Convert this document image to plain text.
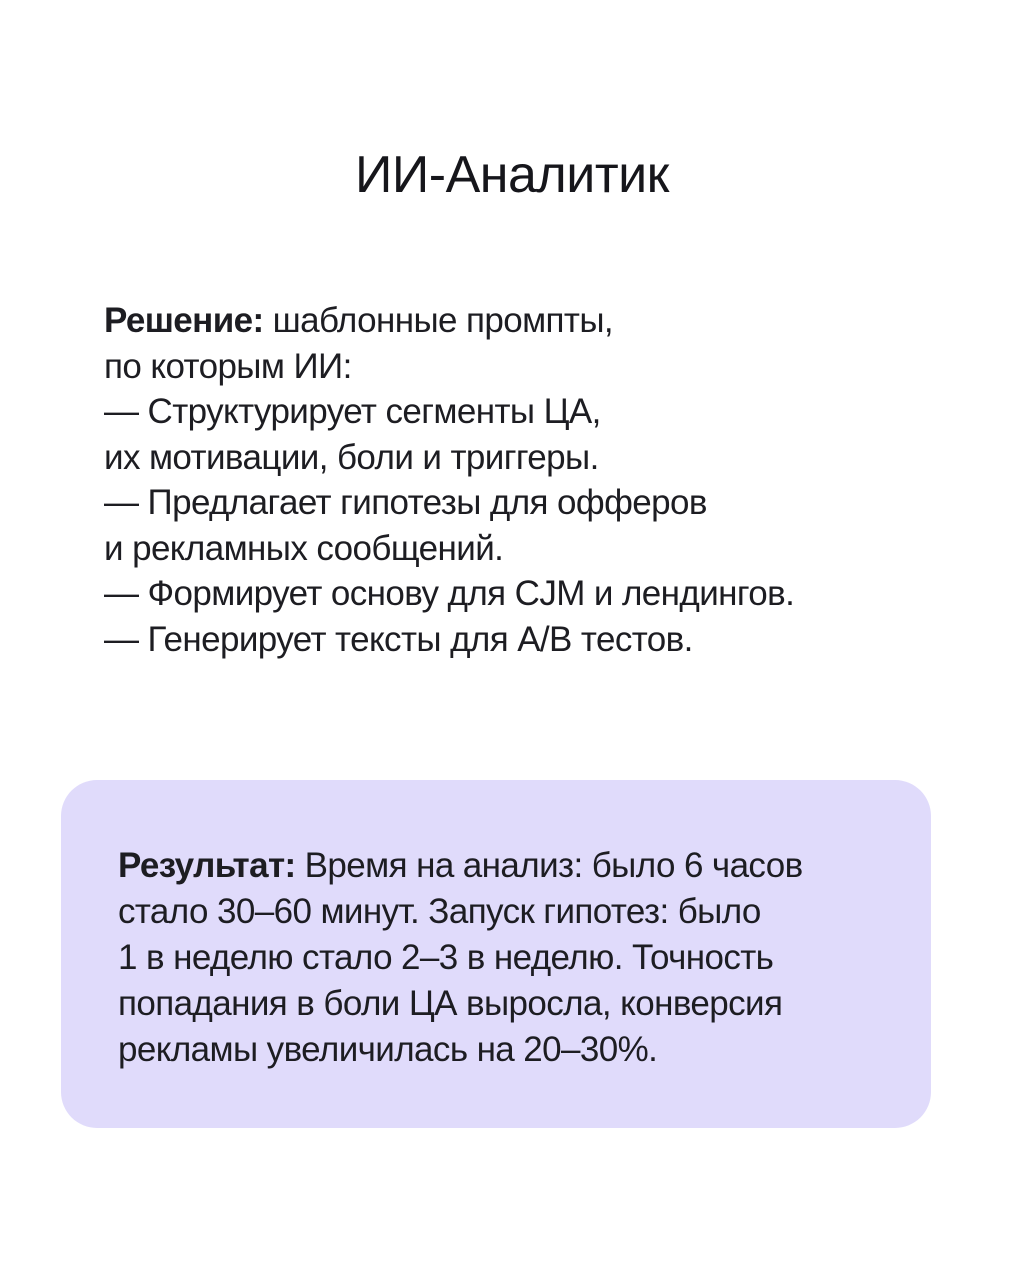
ИИ-Аналитик
Решение: шаблонные промпты,
по которым ИИ:
— Структурирует сегменты ЦА,
их мотивации, боли и триггеры.
— Предлагает гипотезы для офферов
и рекламных сообщений.
— Формирует основу для CJM и лендингов.
— Генерирует тексты для A/B тестов.
Результат: Время на анализ: было 6 часов
стало 30–60 минут. Запуск гипотез: было
1 в неделю стало 2–3 в неделю. Точность
попадания в боли ЦА выросла, конверсия
рекламы увеличилась на 20–30%.
